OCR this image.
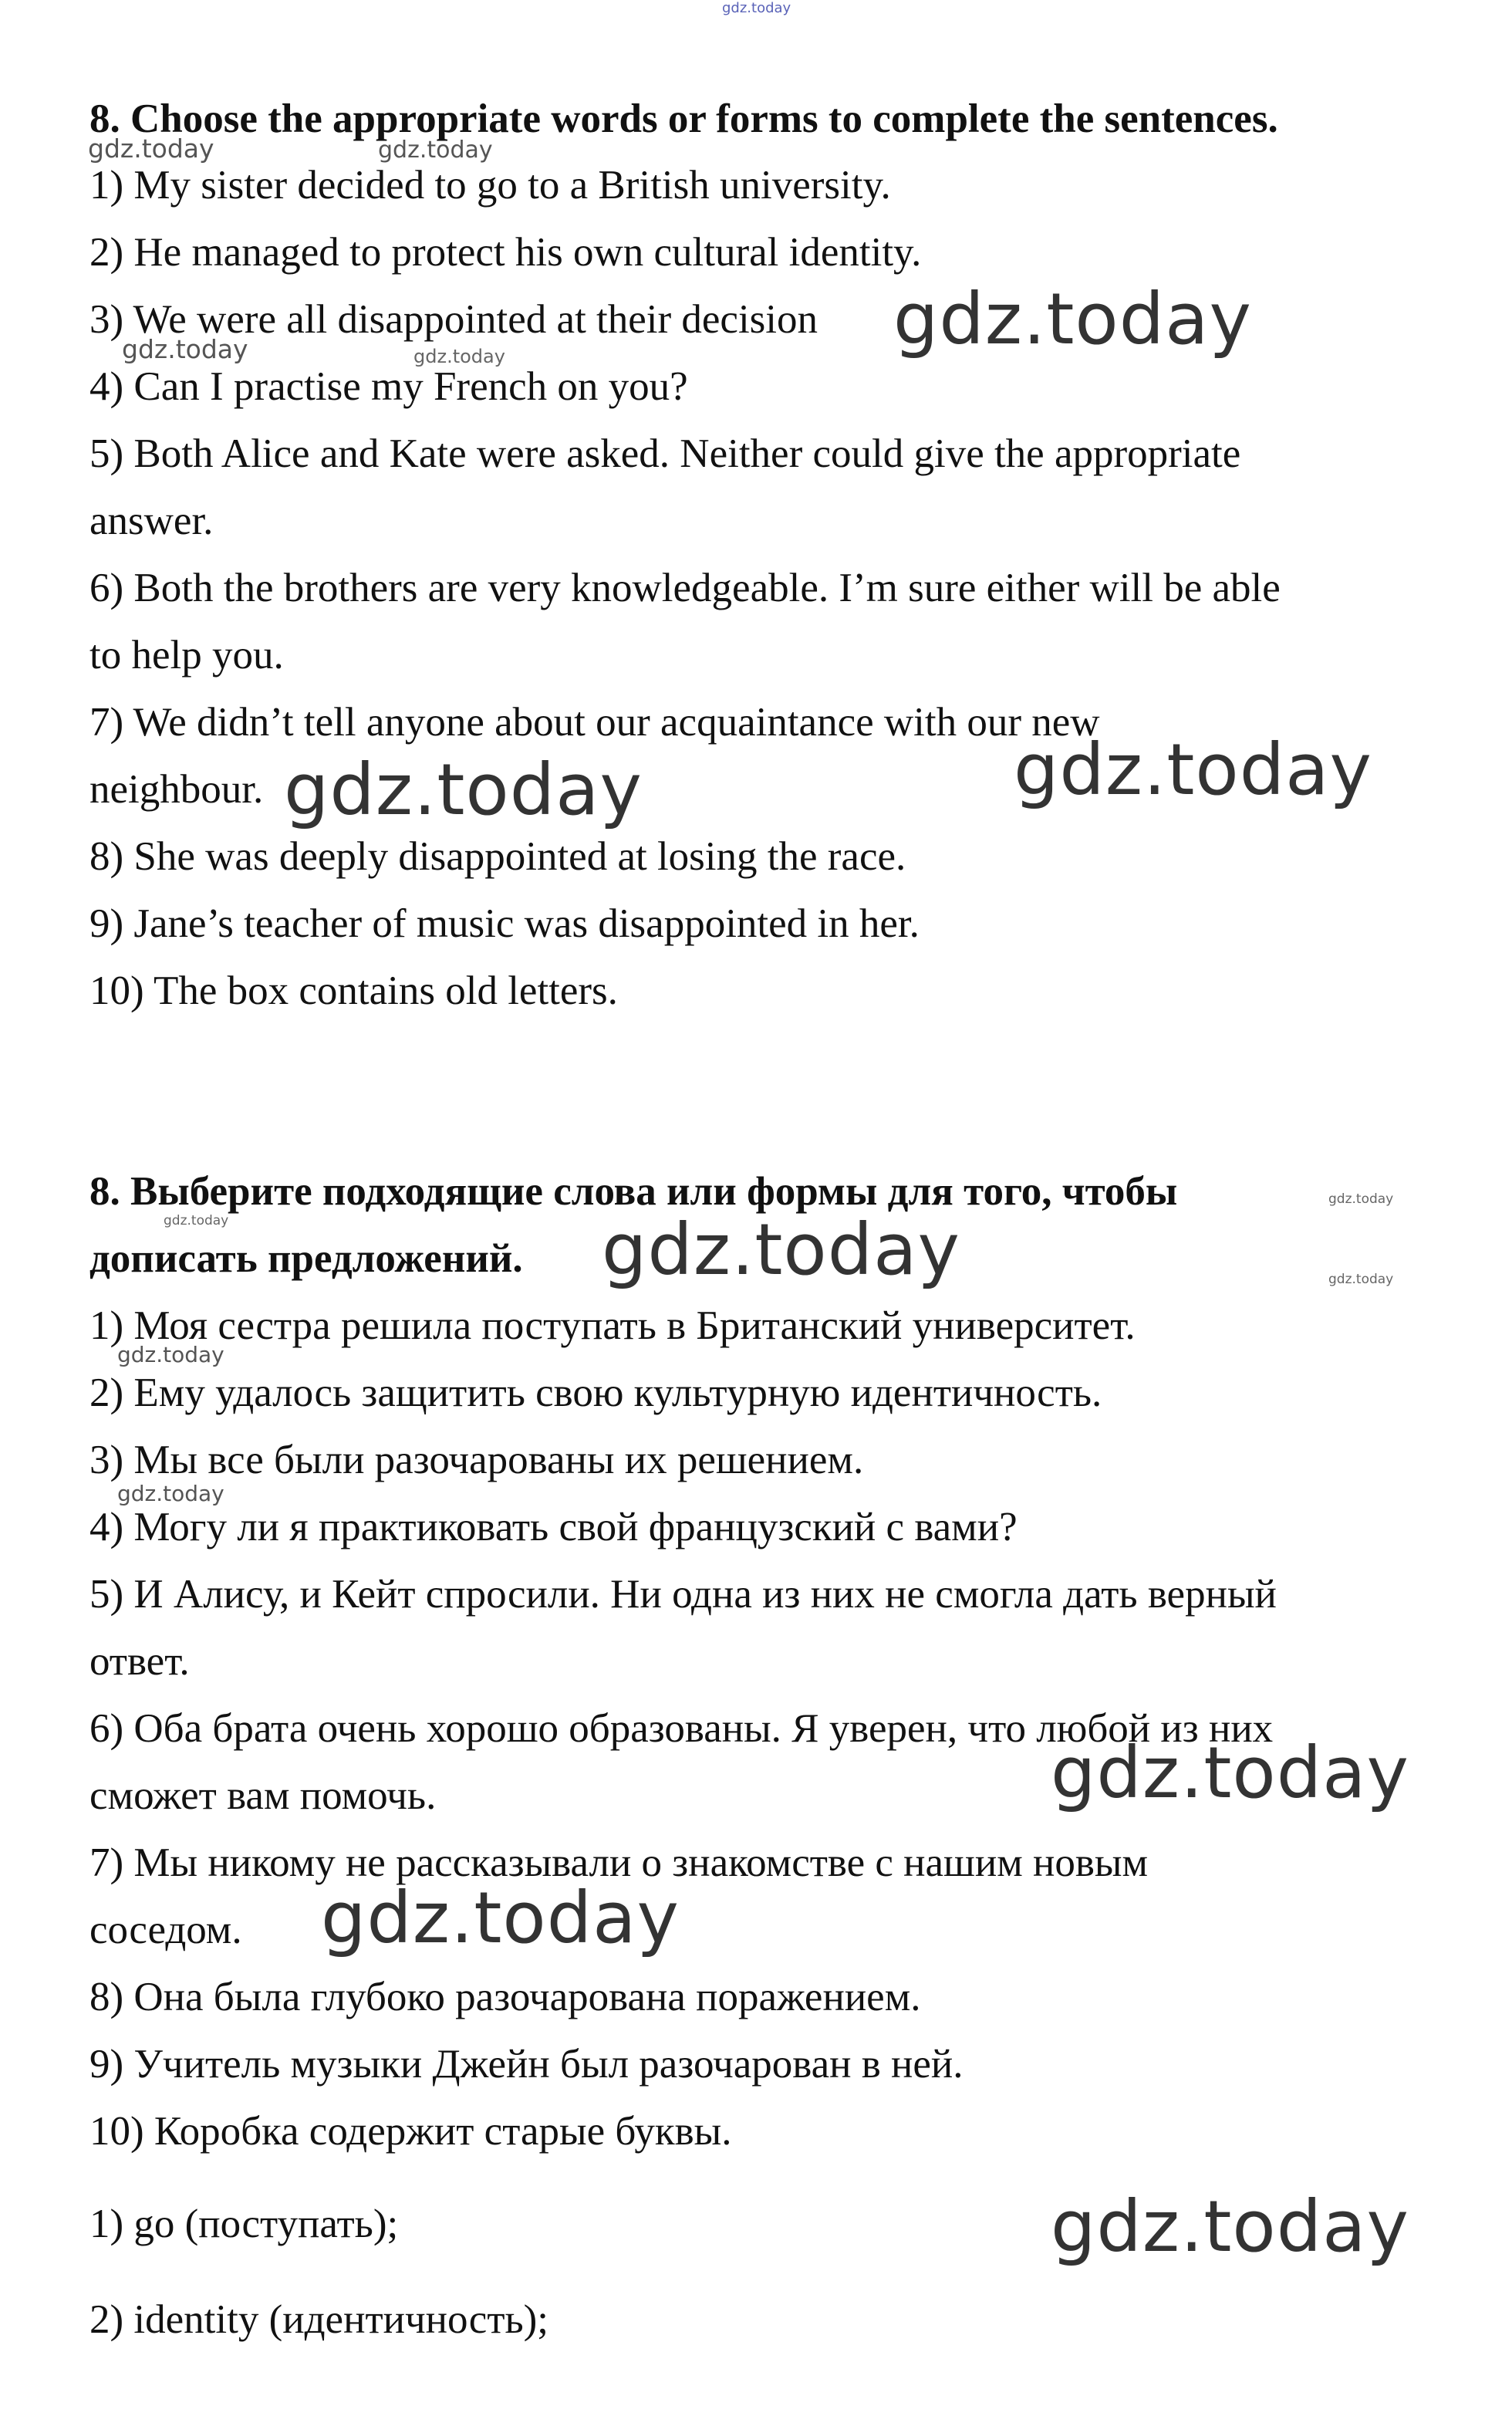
8. Choose the appropriate words or forms to complete the sentences.
1) My sister decided to go to a British university.
2) He managed to protect his own cultural identity.
3) We were all disappointed at their decision
4) Can I practise my French on you?
5) Both Alice and Kate were asked. Neither could give the appropriate
answer.
6) Both the brothers are very knowledgeable. I’m sure either will be able
to help you.
7) We didn’t tell anyone about our acquaintance with our new
neighbour.
8) She was deeply disappointed at losing the race.
9) Jane’s teacher of music was disappointed in her.
10) The box contains old letters.
8. Выберите подходящие слова или формы для того, чтобы
дописать предложений.
1) Моя сестра решила поступать в Британский университет.
2) Ему удалось защитить свою культурную идентичность.
3) Мы все были разочарованы их решением.
4) Могу ли я практиковать свой французский с вами?
5) И Алису, и Кейт спросили. Ни одна из них не смогла дать верный
ответ.
6) Оба брата очень хорошо образованы. Я уверен, что любой из них
сможет вам помочь.
7) Мы никому не рассказывали о знакомстве с нашим новым
соседом.
8) Она была глубоко разочарована поражением.
9) Учитель музыки Джейн был разочарован в ней.
10) Коробка содержит старые буквы.
1) go (поступать);
2) identity (идентичность);
gdz.today
gdz.today	gdz.today
gdz.today
gdz.today	gdz.today
gdz.today	gdz.today
gdz.today
gdz.today	gdz.today	gdz.today
gdz.today
gdz.today
gdz.today
gdz.today
gdz.today
